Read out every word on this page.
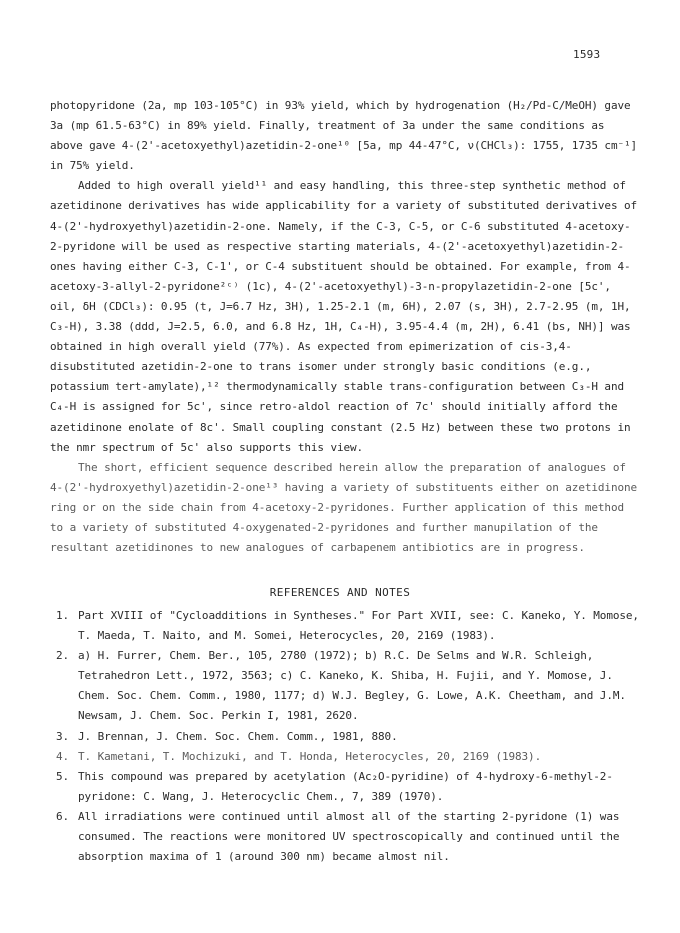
1593

photopyridone (2a, mp 103-105°C) in 93% yield, which by hydrogenation (H₂/Pd-C/MeOH) gave 3a (mp 61.5-63°C) in 89% yield. Finally, treatment of 3a under the same conditions as above gave 4-(2'-acetoxyethyl)azetidin-2-one¹⁰ [5a, mp 44-47°C, ν(CHCl₃): 1755, 1735 cm⁻¹] in 75% yield.

Added to high overall yield¹¹ and easy handling, this three-step synthetic method of azetidinone derivatives has wide applicability for a variety of substituted derivatives of 4-(2'-hydroxyethyl)azetidin-2-one. Namely, if the C-3, C-5, or C-6 substituted 4-acetoxy-2-pyridone will be used as respective starting materials, 4-(2'-acetoxyethyl)azetidin-2-ones having either C-3, C-1', or C-4 substituent should be obtained. For example, from 4-acetoxy-3-allyl-2-pyridone²ᶜ⁾ (1c), 4-(2'-acetoxyethyl)-3-n-propylazetidin-2-one [5c', oil, δH (CDCl₃): 0.95 (t, J=6.7 Hz, 3H), 1.25-2.1 (m, 6H), 2.07 (s, 3H), 2.7-2.95 (m, 1H, C₃-H), 3.38 (ddd, J=2.5, 6.0, and 6.8 Hz, 1H, C₄-H), 3.95-4.4 (m, 2H), 6.41 (bs, NH)] was obtained in high overall yield (77%). As expected from epimerization of cis-3,4-disubstituted azetidin-2-one to trans isomer under strongly basic conditions (e.g., potassium tert-amylate),¹² thermodynamically stable trans-configuration between C₃-H and C₄-H is assigned for 5c', since retro-aldol reaction of 7c' should initially afford the azetidinone enolate of 8c'. Small coupling constant (2.5 Hz) between these two protons in the nmr spectrum of 5c' also supports this view.

The short, efficient sequence described herein allow the preparation of analogues of 4-(2'-hydroxyethyl)azetidin-2-one¹³ having a variety of substituents either on azetidinone ring or on the side chain from 4-acetoxy-2-pyridones. Further application of this method to a variety of substituted 4-oxygenated-2-pyridones and further manupilation of the resultant azetidinones to new analogues of carbapenem antibiotics are in progress.

REFERENCES AND NOTES
1. Part XVIII of "Cycloadditions in Syntheses." For Part XVII, see: C. Kaneko, Y. Momose, T. Maeda, T. Naito, and M. Somei, Heterocycles, 20, 2169 (1983).
2. a) H. Furrer, Chem. Ber., 105, 2780 (1972); b) R.C. De Selms and W.R. Schleigh, Tetrahedron Lett., 1972, 3563; c) C. Kaneko, K. Shiba, H. Fujii, and Y. Momose, J. Chem. Soc. Chem. Comm., 1980, 1177; d) W.J. Begley, G. Lowe, A.K. Cheetham, and J.M. Newsam, J. Chem. Soc. Perkin I, 1981, 2620.
3. J. Brennan, J. Chem. Soc. Chem. Comm., 1981, 880.
4. T. Kametani, T. Mochizuki, and T. Honda, Heterocycles, 20, 2169 (1983).
5. This compound was prepared by acetylation (Ac₂O-pyridine) of 4-hydroxy-6-methyl-2-pyridone: C. Wang, J. Heterocyclic Chem., 7, 389 (1970).
6. All irradiations were continued until almost all of the starting 2-pyridone (1) was consumed. The reactions were monitored UV spectroscopically and continued until the absorption maxima of 1 (around 300 nm) became almost nil.
